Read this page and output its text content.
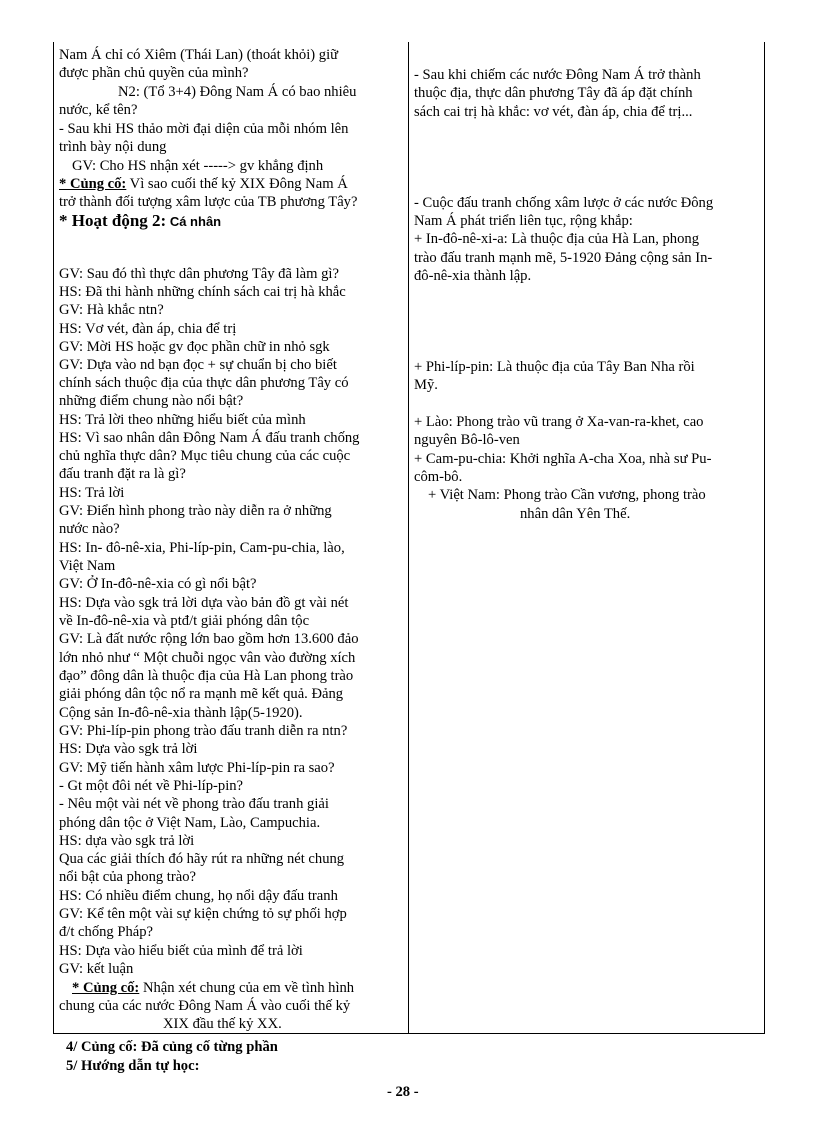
Nam Á chỉ có Xiêm (Thái Lan) (thoát khỏi) giữ
được phần chủ quyền của mình?
N2: (Tổ 3+4) Đông Nam Á có bao nhiêu
nước, kể tên?
- Sau khi HS thảo mời đại diện của mỗi nhóm lên
trình bày nội dung
GV: Cho HS nhận xét -----> gv khẳng định
* Củng cố: Vì sao cuối thế kỷ XIX Đông Nam Á
trở thành đối tượng xâm lược của TB phương Tây?
* Hoạt động 2: Cá nhân
GV: Sau đó thì thực dân phương Tây đã làm gì?
HS: Đã thi hành những chính sách cai trị hà khắc
GV: Hà khắc ntn?
HS: Vơ vét, đàn áp, chia để trị
GV: Mời HS hoặc gv đọc phần chữ in nhỏ sgk
GV: Dựa vào nd bạn đọc + sự chuẩn bị cho biết
chính sách thuộc địa của thực dân phương Tây có
những điểm chung nào nổi bật?
HS: Trả lời theo những hiểu biết của mình
HS: Vì sao nhân dân Đông Nam Á đấu tranh chống
chủ nghĩa thực dân? Mục tiêu chung của các cuộc
đấu tranh đặt ra là gì?
HS: Trả lời
GV: Điển hình phong trào này diễn ra ở những
nước nào?
HS: In- đô-nê-xia, Phi-líp-pin, Cam-pu-chia, lào,
Việt Nam
GV: Ở In-đô-nê-xia có gì nổi bật?
HS: Dựa vào sgk trả lời dựa vào bản đồ gt vài nét
về In-đô-nê-xia và ptđ/t giải phóng dân tộc
GV: Là đất nước rộng lớn bao gồm hơn 13.600 đảo
lớn nhỏ như “ Một chuỗi ngọc vân vào đường xích
đạo” đông dân là thuộc địa của Hà Lan phong trào
giải phóng dân tộc nổ ra mạnh mẽ kết quả. Đảng
Cộng sản In-đô-nê-xia thành lập(5-1920).
GV: Phi-líp-pin phong trào đấu tranh diễn ra ntn?
HS: Dựa vào sgk trả lời
GV: Mỹ tiến hành xâm lược Phi-líp-pin ra sao?
- Gt một đôi nét về Phi-líp-pin?
- Nêu một vài nét về phong trào đấu tranh giải
phóng dân tộc ở Việt Nam, Lào, Campuchia.
HS: dựa vào sgk trả lời
Qua các giải thích đó hãy rút ra những nét chung
nổi bật của phong trào?
HS: Có nhiều điểm chung, họ nổi dậy đấu tranh
GV: Kể tên một vài sự kiện chứng tỏ sự phối hợp
đ/t chống Pháp?
HS: Dựa vào hiểu biết của mình để trả lời
GV: kết luận
* Củng cố: Nhận xét chung của em về tình hình
chung của các nước Đông Nam Á vào cuối thế kỷ
XIX đầu thế kỷ XX.
- Sau khi chiếm các nước Đông Nam Á trở thành
thuộc địa, thực dân phương Tây đã áp đặt chính
sách cai trị hà khắc: vơ vét, đàn áp, chia để trị...
- Cuộc đấu tranh chống xâm lược ở các nước Đông
Nam Á phát triển liên tục, rộng khắp:
+ In-đô-nê-xi-a: Là thuộc địa của Hà Lan, phong
trào đấu tranh mạnh mẽ, 5-1920 Đảng cộng sản In-
đô-nê-xia thành lập.
+ Phi-líp-pin: Là thuộc địa của Tây Ban Nha rồi
Mỹ.
+ Lào: Phong trào vũ trang ở Xa-van-ra-khet, cao
nguyên Bô-lô-ven
+ Cam-pu-chia: Khởi nghĩa A-cha Xoa, nhà sư Pu-
côm-bô.
+ Việt Nam: Phong trào Cần vương, phong trào
nhân dân Yên Thế.
4/ Củng cố: Đã củng cố từng phần
5/ Hướng dẫn tự học:
- 28 -
